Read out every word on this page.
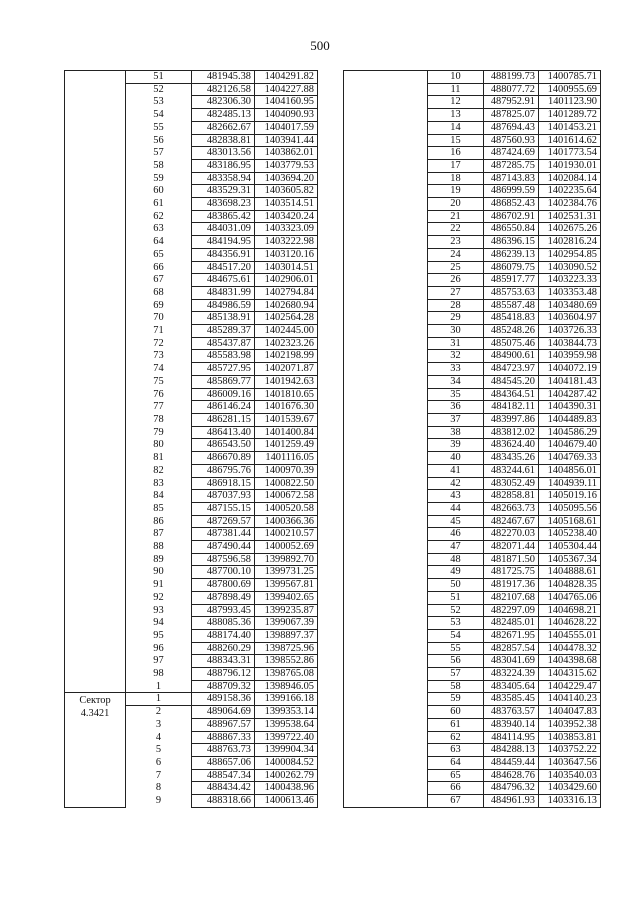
500
	51	481945.38	1404291.82
	52	482126.58	1404227.88
	53	482306.30	1404160.95
	54	482485.13	1404090.93
	55	482662.67	1404017.59
	56	482838.81	1403941.44
	57	483013.56	1403862.01
	58	483186.95	1403779.53
	59	483358.94	1403694.20
	60	483529.31	1403605.82
	61	483698.23	1403514.51
	62	483865.42	1403420.24
	63	484031.09	1403323.09
	64	484194.95	1403222.98
	65	484356.91	1403120.16
	66	484517.20	1403014.51
	67	484675.61	1402906.01
	68	484831.99	1402794.84
	69	484986.59	1402680.94
	70	485138.91	1402564.28
	71	485289.37	1402445.00
	72	485437.87	1402323.26
	73	485583.98	1402198.99
	74	485727.95	1402071.87
	75	485869.77	1401942.63
	76	486009.16	1401810.65
	77	486146.24	1401676.30
	78	486281.15	1401539.67
	79	486413.40	1401400.84
	80	486543.50	1401259.49
	81	486670.89	1401116.05
	82	486795.76	1400970.39
	83	486918.15	1400822.50
	84	487037.93	1400672.58
	85	487155.15	1400520.58
	86	487269.57	1400366.36
	87	487381.44	1400210.57
	88	487490.44	1400052.69
	89	487596.58	1399892.70
	90	487700.10	1399731.25
	91	487800.69	1399567.81
	92	487898.49	1399402.65
	93	487993.45	1399235.87
	94	488085.36	1399067.39
	95	488174.40	1398897.37
	96	488260.29	1398725.96
	97	488343.31	1398552.86
	98	488796.12	1398765.08
	1	488709.32	1398946.05
Сектор 4.3421	1	489158.36	1399166.18
	2	489064.69	1399353.14
	3	488967.57	1399538.64
	4	488867.33	1399722.40
	5	488763.73	1399904.34
	6	488657.06	1400084.52
	7	488547.34	1400262.79
	8	488434.42	1400438.96
	9	488318.66	1400613.46
	10	488199.73	1400785.71
	11	488077.72	1400955.69
	12	487952.91	1401123.90
	13	487825.07	1401289.72
	14	487694.43	1401453.21
	15	487560.93	1401614.62
	16	487424.69	1401773.54
	17	487285.75	1401930.01
	18	487143.83	1402084.14
	19	486999.59	1402235.64
	20	486852.43	1402384.76
	21	486702.91	1402531.31
	22	486550.84	1402675.26
	23	486396.15	1402816.24
	24	486239.13	1402954.85
	25	486079.75	1403090.52
	26	485917.77	1403223.33
	27	485753.63	1403353.48
	28	485587.48	1403480.69
	29	485418.83	1403604.97
	30	485248.26	1403726.33
	31	485075.46	1403844.73
	32	484900.61	1403959.98
	33	484723.97	1404072.19
	34	484545.20	1404181.43
	35	484364.51	1404287.42
	36	484182.11	1404390.31
	37	483997.86	1404489.83
	38	483812.02	1404586.29
	39	483624.40	1404679.40
	40	483435.26	1404769.33
	41	483244.61	1404856.01
	42	483052.49	1404939.11
	43	482858.81	1405019.16
	44	482663.73	1405095.56
	45	482467.67	1405168.61
	46	482270.03	1405238.40
	47	482071.44	1405304.44
	48	481871.50	1405367.34
	49	481725.75	1404888.61
	50	481917.36	1404828.35
	51	482107.68	1404765.06
	52	482297.09	1404698.21
	53	482485.01	1404628.22
	54	482671.95	1404555.01
	55	482857.54	1404478.32
	56	483041.69	1404398.68
	57	483224.39	1404315.62
	58	483405.64	1404229.47
	59	483585.45	1404140.23
	60	483763.57	1404047.83
	61	483940.14	1403952.38
	62	484114.95	1403853.81
	63	484288.13	1403752.22
	64	484459.44	1403647.56
	65	484628.76	1403540.03
	66	484796.32	1403429.60
	67	484961.93	1403316.13
